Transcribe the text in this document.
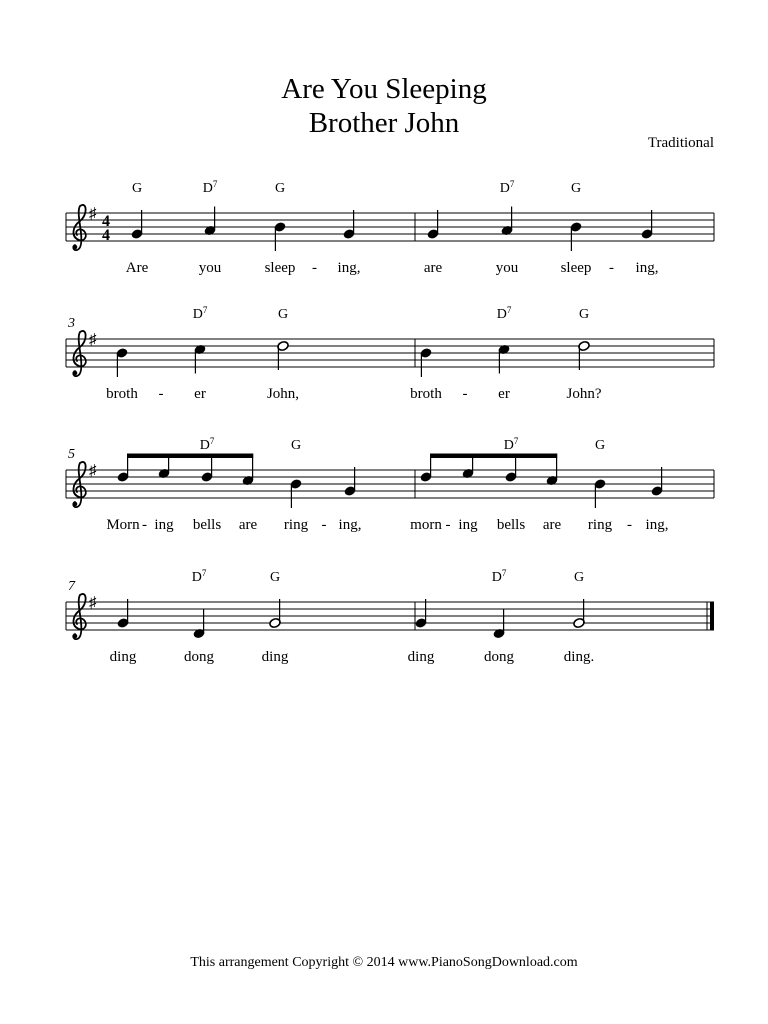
Are You Sleeping
Brother John
Traditional
♯ 4
4
G
Are
$D^7$
you
G
sleep	ing,	are
$D^7$
you
G
sleep	ing,
-	-
♯
3
broth
$D^7$
er
G
John,	broth
$D^7$
er
G
John?
-	-
♯
5
Morn ing
$D^7$
bells are
G
ring ing,	morn ing
$D^7$
bells are
G
ring ing,
-	-	-	-
♯
7
ding
$D^7$
dong
G
ding	ding
$D^7$
dong
G
ding.
This arrangement Copyright © 2014 www.PianoSongDownload.com
